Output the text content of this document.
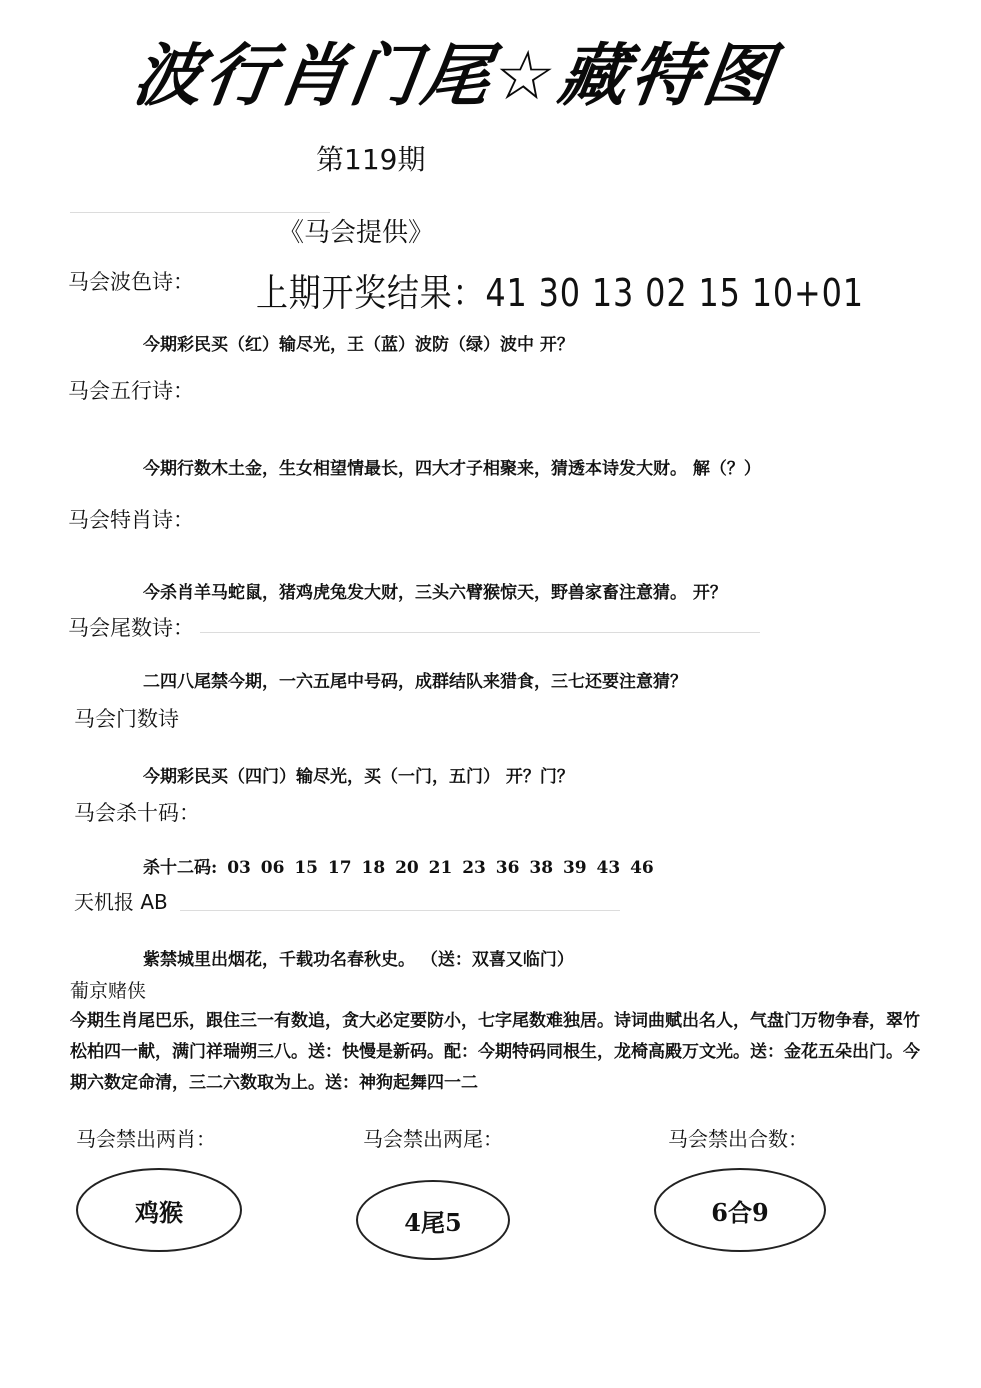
波行肖门尾☆藏特图
第119期
《马会提供》
马会波色诗： 上期开奖结果：41 30 13 02 15 10+01
今期彩民买（红）输尽光，王（蓝）波防（绿）波中 开？
马会五行诗：
今期行数木土金，生女相望情最长，四大才子相聚来，猜透本诗发大财。 解（？）
马会特肖诗：
今杀肖羊马蛇鼠，猪鸡虎兔发大财，三头六臂猴惊天，野兽家畜注意猜。 开？
马会尾数诗：
二四八尾禁今期，一六五尾中号码，成群结队来猎食，三七还要注意猜？
马会门数诗
今期彩民买（四门）输尽光，买（一门，五门） 开？门？
马会杀十码：
杀十二码: 03 06 15 17 18 20 21 23 36 38 39 43 46
天机报 AB
紫禁城里出烟花，千载功名春秋史。 （送：双喜又临门）
葡京赌侠
今期生肖尾巴乐，跟住三一有数追，贪大必定要防小，七字尾数难独居。诗词曲赋出名人，气盘门万物争春，翠竹松柏四一献，满门祥瑞朔三八。送：快慢是新码。配：今期特码同根生，龙椅高殿万文光。送：金花五朵出门。今期六数定命清，三二六数取为上。送：神狗起舞四一二
马会禁出两肖：	马会禁出两尾：	马会禁出合数：
鸡猴	4尾5	6合9
